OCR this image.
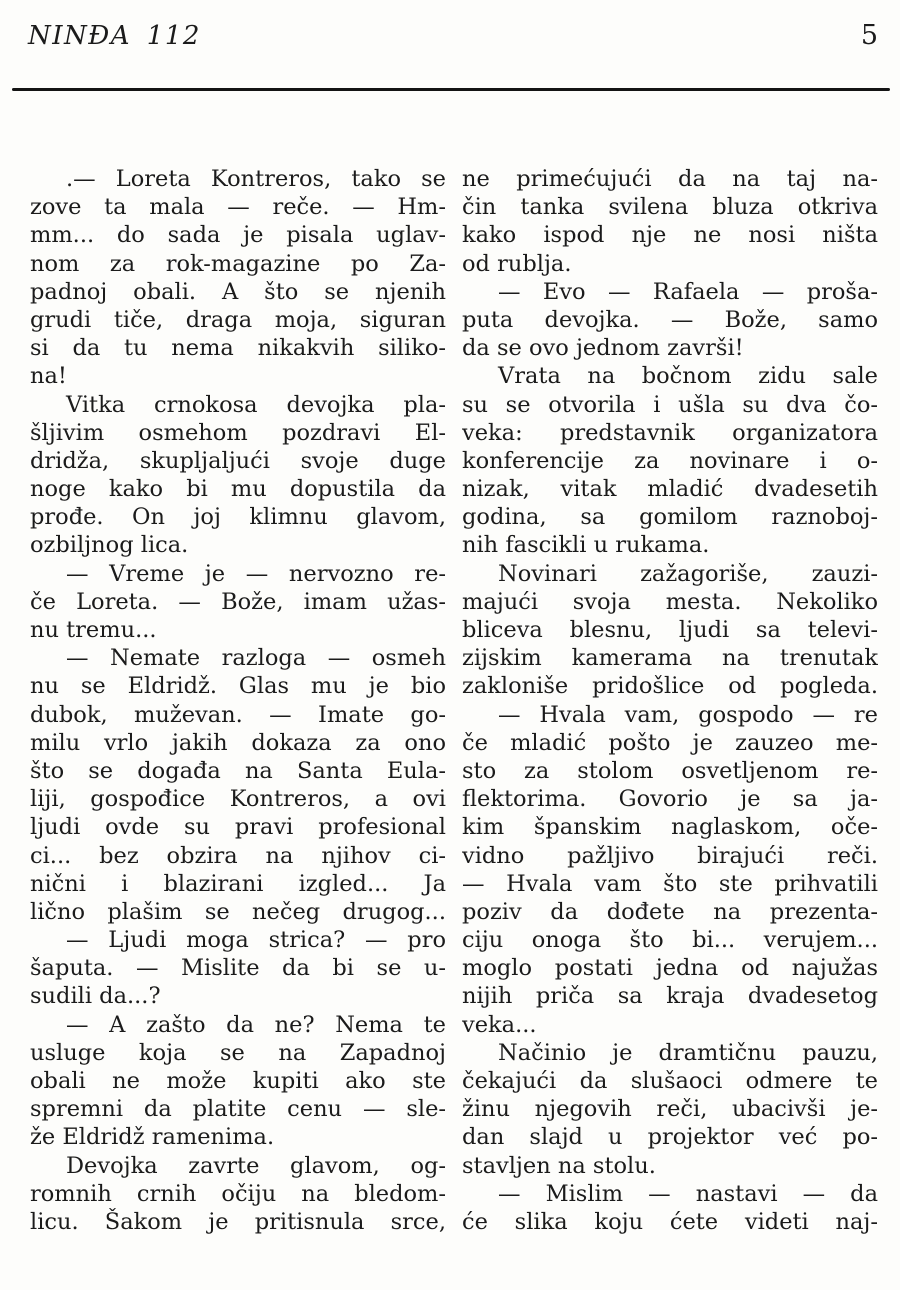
NINĐA 112	5
.— Loreta Kontreros, tako se
zove ta mala — reče. — Hm-
mm... do sada je pisala uglav-
nom za rok-magazine po Za-
padnoj obali. A što se njenih
grudi tiče, draga moja, siguran
si da tu nema nikakvih siliko-
na!
Vitka crnokosa devojka pla-
šljivim osmehom pozdravi El-
dridža, skupljaljući svoje duge
noge kako bi mu dopustila da
prođe. On joj klimnu glavom,
ozbiljnog lica.
— Vreme je — nervozno re-
če Loreta. — Bože, imam užas-
nu tremu...
— Nemate razloga — osmeh
nu se Eldridž. Glas mu je bio
dubok, muževan. — Imate go-
milu vrlo jakih dokaza za ono
što se događa na Santa Eula-
liji, gospođice Kontreros, a ovi
ljudi ovde su pravi profesional
ci... bez obzira na njihov ci-
nični i blazirani izgled... Ja
lično plašim se nečeg drugog...
— Ljudi moga strica? — pro
šaputa. — Mislite da bi se u-
sudili da...?
— A zašto da ne? Nema te
usluge koja se na Zapadnoj
obali ne može kupiti ako ste
spremni da platite cenu — sle-
že Eldridž ramenima.
Devojka zavrte glavom, og-
romnih crnih očiju na bledom-
licu. Šakom je pritisnula srce,
ne primećujući da na taj na-
čin tanka svilena bluza otkriva
kako ispod nje ne nosi ništa
od rublja.
— Evo — Rafaela — proša-
puta devojka. — Bože, samo
da se ovo jednom završi!
Vrata na bočnom zidu sale
su se otvorila i ušla su dva čo-
veka: predstavnik organizatora
konferencije za novinare i o-
nizak, vitak mladić dvadesetih
godina, sa gomilom raznoboj-
nih fascikli u rukama.
Novinari zažagoriše, zauzi-
majući svoja mesta. Nekoliko
bliceva blesnu, ljudi sa televi-
zijskim kamerama na trenutak
zakloniše pridošlice od pogleda.
— Hvala vam, gospodo — re
če mladić pošto je zauzeo me-
sto za stolom osvetljenom re-
flektorima. Govorio je sa ja-
kim španskim naglaskom, oče-
vidno pažljivo birajući reči.
— Hvala vam što ste prihvatili
poziv da dođete na prezenta-
ciju onoga što bi... verujem...
moglo postati jedna od najužas
nijih priča sa kraja dvadesetog
veka...
Načinio je dramtičnu pauzu,
čekajući da slušaoci odmere te
žinu njegovih reči, ubacivši je-
dan slajd u projektor već po-
stavljen na stolu.
— Mislim — nastavi — da
će slika koju ćete videti naj-
